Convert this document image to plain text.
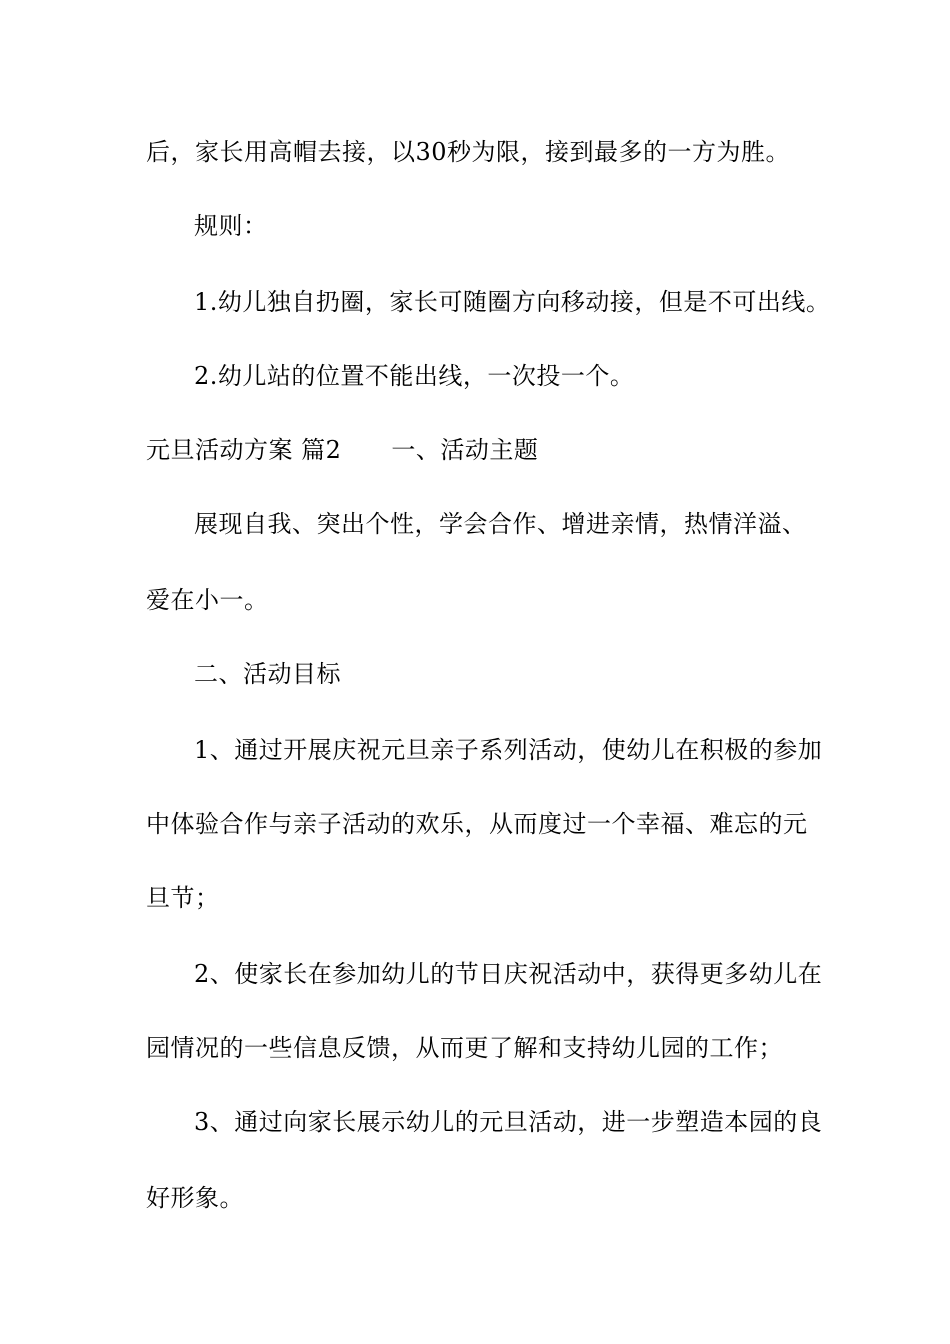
后，家长用高帽去接，以30秒为限，接到最多的一方为胜。
规则：
1.幼儿独自扔圈，家长可随圈方向移动接，但是不可出线。
2.幼儿站的位置不能出线，一次投一个。
元旦活动方案 篇2 一、活动主题
展现自我、突出个性，学会合作、增进亲情，热情洋溢、
爱在小一。
二、活动目标
1、通过开展庆祝元旦亲子系列活动，使幼儿在积极的参加
中体验合作与亲子活动的欢乐，从而度过一个幸福、难忘的元
旦节；
2、使家长在参加幼儿的节日庆祝活动中，获得更多幼儿在
园情况的一些信息反馈，从而更了解和支持幼儿园的工作；
3、通过向家长展示幼儿的元旦活动，进一步塑造本园的良
好形象。
